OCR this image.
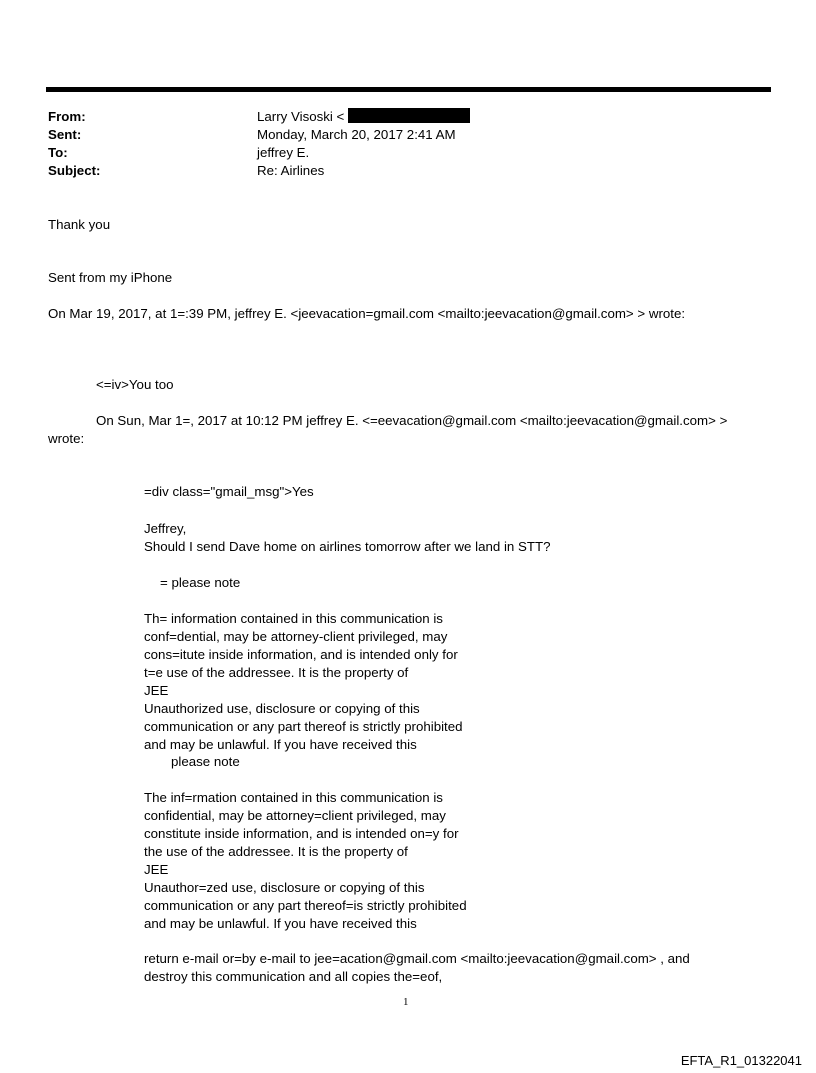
From:	Larry Visoski <
Sent:	Monday, March 20, 2017 2:41 AM
To:	jeffrey E.
Subject:	Re: Airlines
Thank you
Sent from my iPhone
On Mar 19, 2017, at 1=:39 PM, jeffrey E. <jeevacation=gmail.com <mailto:jeevacation@gmail.com> > wrote:
<=iv>You too
On Sun, Mar 1=, 2017 at 10:12 PM jeffrey E. <=eevacation@gmail.com <mailto:jeevacation@gmail.com> >
wrote:
=div class="gmail_msg">Yes
Jeffrey,
Should I send Dave home on airlines tomorrow after we land in STT?
= please note
Th= information contained in this communication is
conf=dential, may be attorney-client privileged, may
cons=itute inside information, and is intended only for
t=e use of the addressee. It is the property of
JEE
Unauthorized use, disclosure or copying of this
communication or any part thereof is strictly prohibited
and may be unlawful. If you have received this
please note
The inf=rmation contained in this communication is
confidential, may be attorney=client privileged, may
constitute inside information, and is intended on=y for
the use of the addressee. It is the property of
JEE
Unauthor=zed use, disclosure or copying of this
communication or any part thereof=is strictly prohibited
and may be unlawful. If you have received this
return e-mail or=by e-mail to jee=acation@gmail.com <mailto:jeevacation@gmail.com> , and
destroy this communication and all copies the=eof,
1
EFTA_R1_01322041
